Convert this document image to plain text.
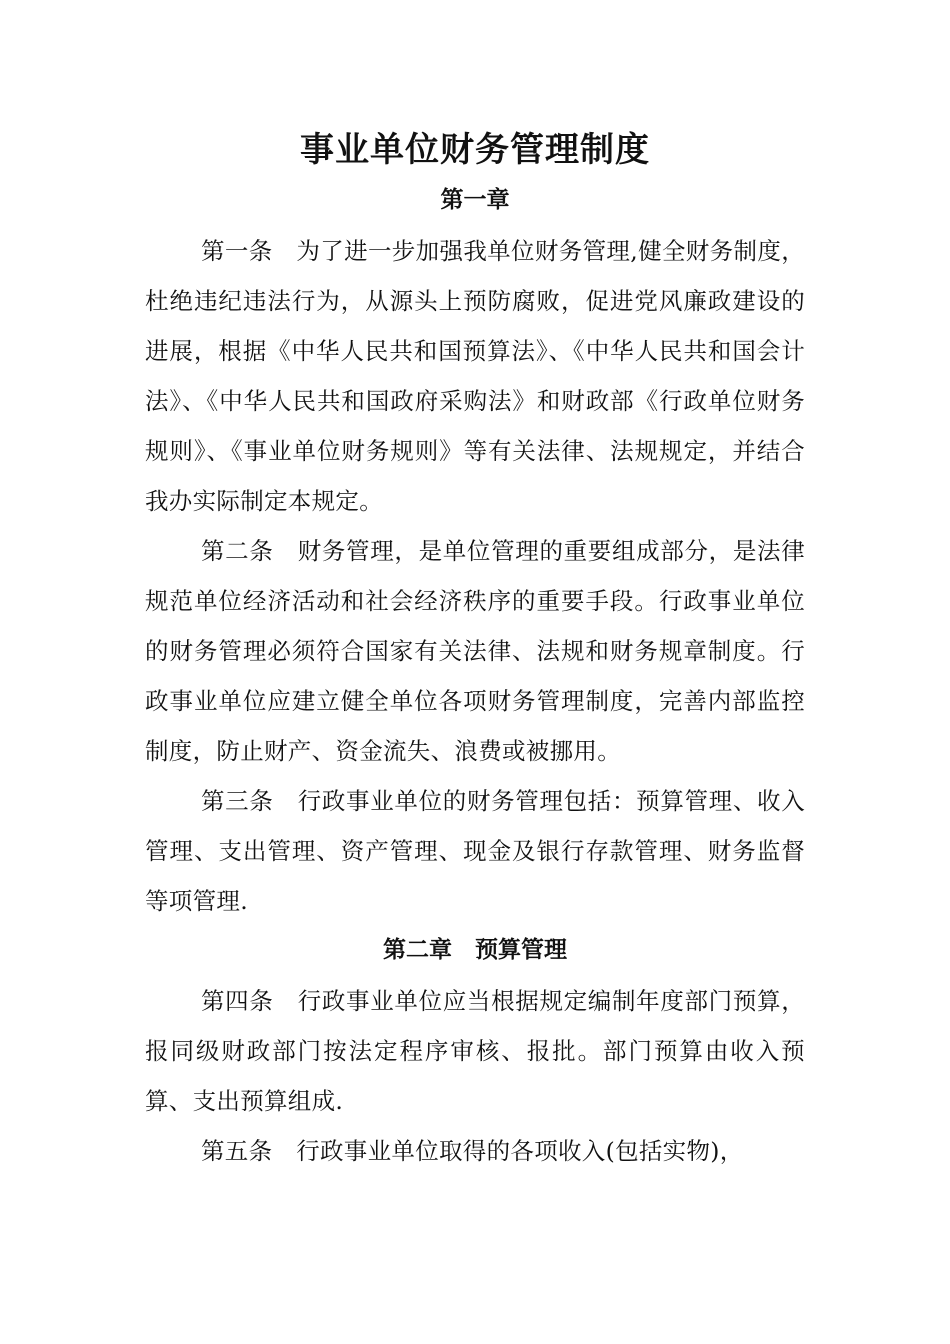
事业单位财务管理制度
第一章

第一条　为了进一步加强我单位财务管理,健全财务制度，杜绝违纪违法行为，从源头上预防腐败，促进党风廉政建设的进展，根据《中华人民共和国预算法》、《中华人民共和国会计法》、《中华人民共和国政府采购法》和财政部《行政单位财务规则》、《事业单位财务规则》等有关法律、法规规定，并结合我办实际制定本规定。

第二条　财务管理，是单位管理的重要组成部分，是法律规范单位经济活动和社会经济秩序的重要手段。行政事业单位的财务管理必须符合国家有关法律、法规和财务规章制度。行政事业单位应建立健全单位各项财务管理制度，完善内部监控制度，防止财产、资金流失、浪费或被挪用。

第三条　行政事业单位的财务管理包括：预算管理、收入管理、支出管理、资产管理、现金及银行存款管理、财务监督等项管理.

第二章　预算管理

第四条　行政事业单位应当根据规定编制年度部门预算，报同级财政部门按法定程序审核、报批。部门预算由收入预算、支出预算组成.

第五条　行政事业单位取得的各项收入(包括实物)，
